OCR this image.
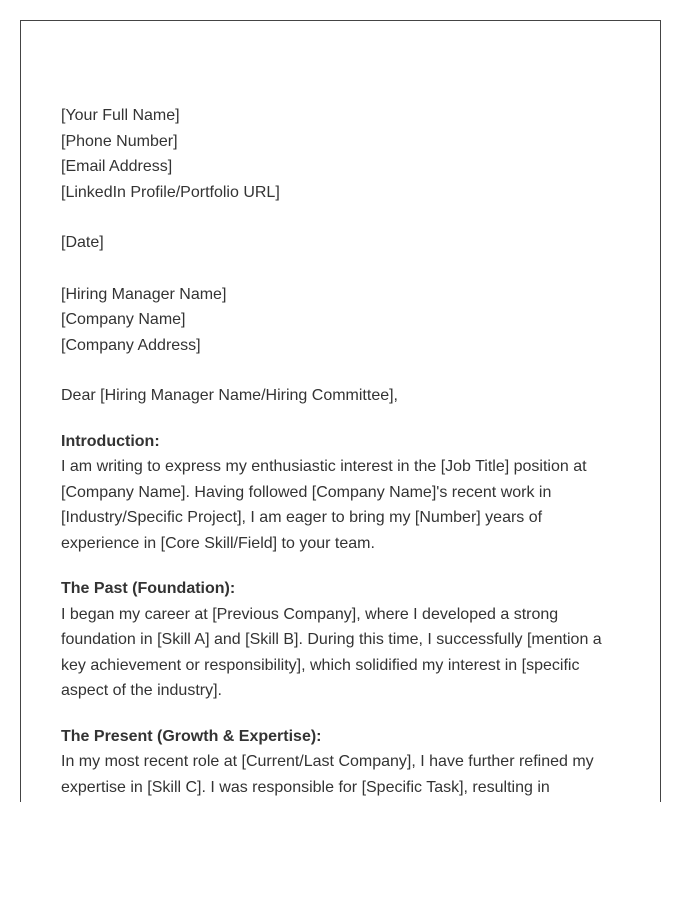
[Your Full Name]
[Phone Number]
[Email Address]
[LinkedIn Profile/Portfolio URL]
[Date]
[Hiring Manager Name]
[Company Name]
[Company Address]
Dear [Hiring Manager Name/Hiring Committee],
Introduction:
I am writing to express my enthusiastic interest in the [Job Title] position at
[Company Name]. Having followed [Company Name]'s recent work in
[Industry/Specific Project], I am eager to bring my [Number] years of
experience in [Core Skill/Field] to your team.
The Past (Foundation):
I began my career at [Previous Company], where I developed a strong
foundation in [Skill A] and [Skill B]. During this time, I successfully [mention a
key achievement or responsibility], which solidified my interest in [specific
aspect of the industry].
The Present (Growth & Expertise):
In my most recent role at [Current/Last Company], I have further refined my
expertise in [Skill C]. I was responsible for [Specific Task], resulting in
